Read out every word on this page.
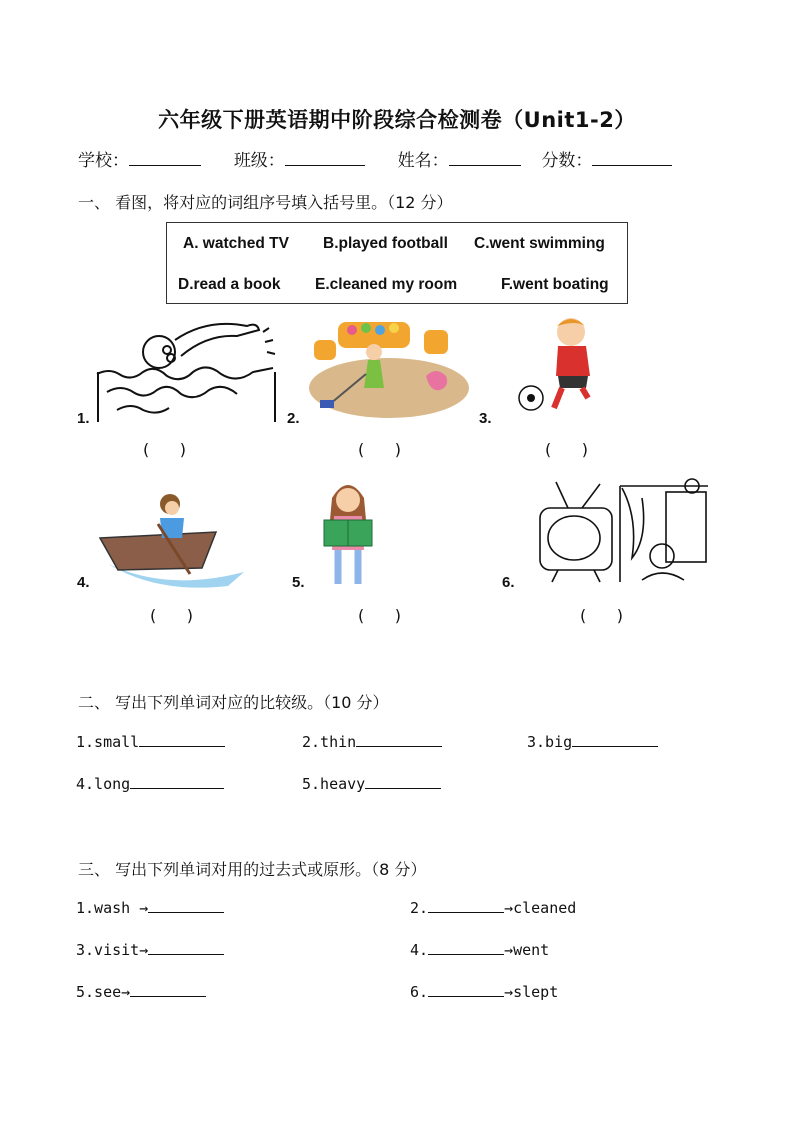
六年级下册英语期中阶段综合检测卷（Unit1-2）
学校：	班级：	姓名：	分数：
一、 看图，将对应的词组序号填入括号里。（12 分）
A. watched TV B.played football C.went swimming
D.read a book E.cleaned my room	F.went boating
1.
(      )
2.
(      )
3.
(      )
4.
(      )
5.
(      )
6.
(      )
二、 写出下列单词对应的比较级。（10 分）
1.small	2.thin	3.big
4.long	5.heavy
三、 写出下列单词对用的过去式或原形。（8 分）
1.wash →	2.	→cleaned
3.visit→	4.	→went
5.see→	6.	→slept
